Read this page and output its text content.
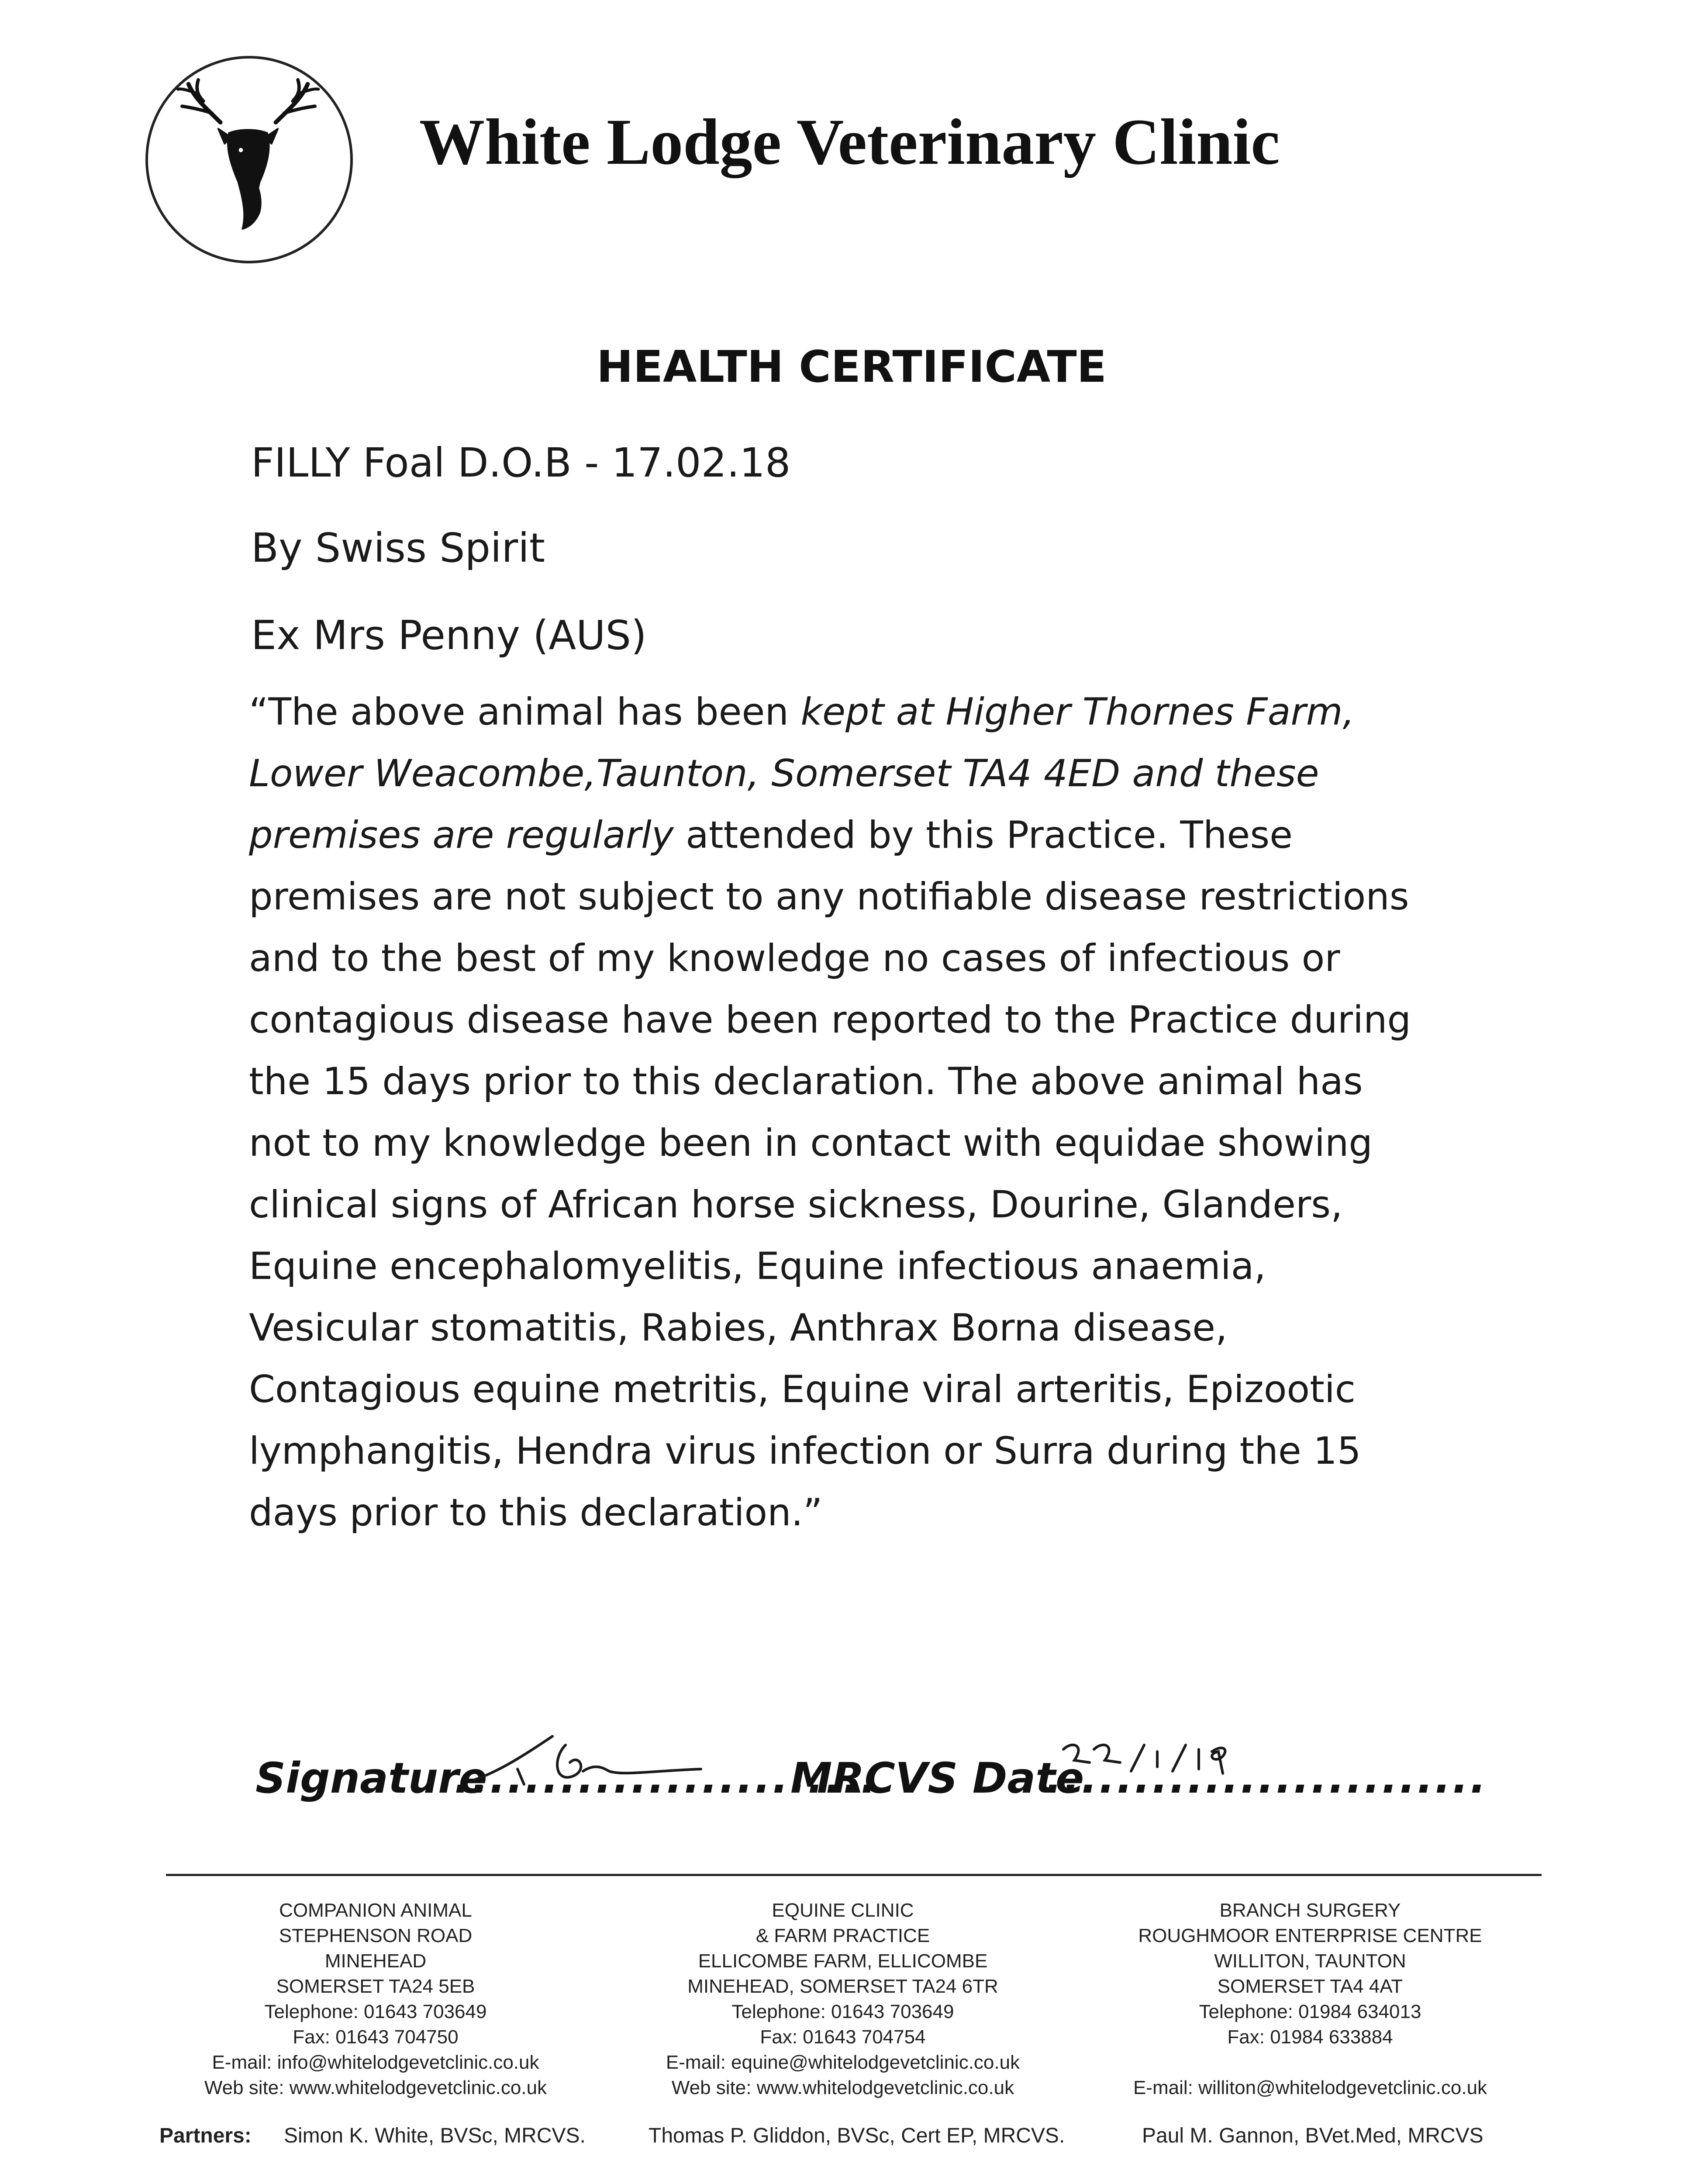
White Lodge Veterinary Clinic
HEALTH CERTIFICATE
FILLY Foal D.O.B - 17.02.18
By Swiss Spirit
Ex Mrs Penny (AUS)
“The above animal has been kept at Higher Thornes Farm,
Lower Weacombe,Taunton, Somerset TA4 4ED and these
premises are regularly attended by this Practice. These
premises are not subject to any notifiable disease restrictions
and to the best of my knowledge no cases of infectious or
contagious disease have been reported to the Practice during
the 15 days prior to this declaration. The above animal has
not to my knowledge been in contact with equidae showing
clinical signs of African horse sickness, Dourine, Glanders,
Equine encephalomyelitis, Equine infectious anaemia,
Vesicular stomatitis, Rabies, Anthrax Borna disease,
Contagious equine metritis, Equine viral arteritis, Epizootic
lymphangitis, Hendra virus infection or Surra during the 15
days prior to this declaration.”
Signature
........................
MRCVS Date
.........................
COMPANION ANIMAL
STEPHENSON ROAD
MINEHEAD
SOMERSET TA24 5EB
Telephone: 01643 703649
Fax: 01643 704750
E-mail: info@whitelodgevetclinic.co.uk
Web site: www.whitelodgevetclinic.co.uk
EQUINE CLINIC
& FARM PRACTICE
ELLICOMBE FARM, ELLICOMBE
MINEHEAD, SOMERSET TA24 6TR
Telephone: 01643 703649
Fax: 01643 704754
E-mail: equine@whitelodgevetclinic.co.uk
Web site: www.whitelodgevetclinic.co.uk
BRANCH SURGERY
ROUGHMOOR ENTERPRISE CENTRE
WILLITON, TAUNTON
SOMERSET TA4 4AT
Telephone: 01984 634013
Fax: 01984 633884
E-mail: williton@whitelodgevetclinic.co.uk
Partners: Simon K. White, BVSc, MRCVS.	Thomas P. Gliddon, BVSc, Cert EP, MRCVS.	Paul M. Gannon, BVet.Med, MRCVS
